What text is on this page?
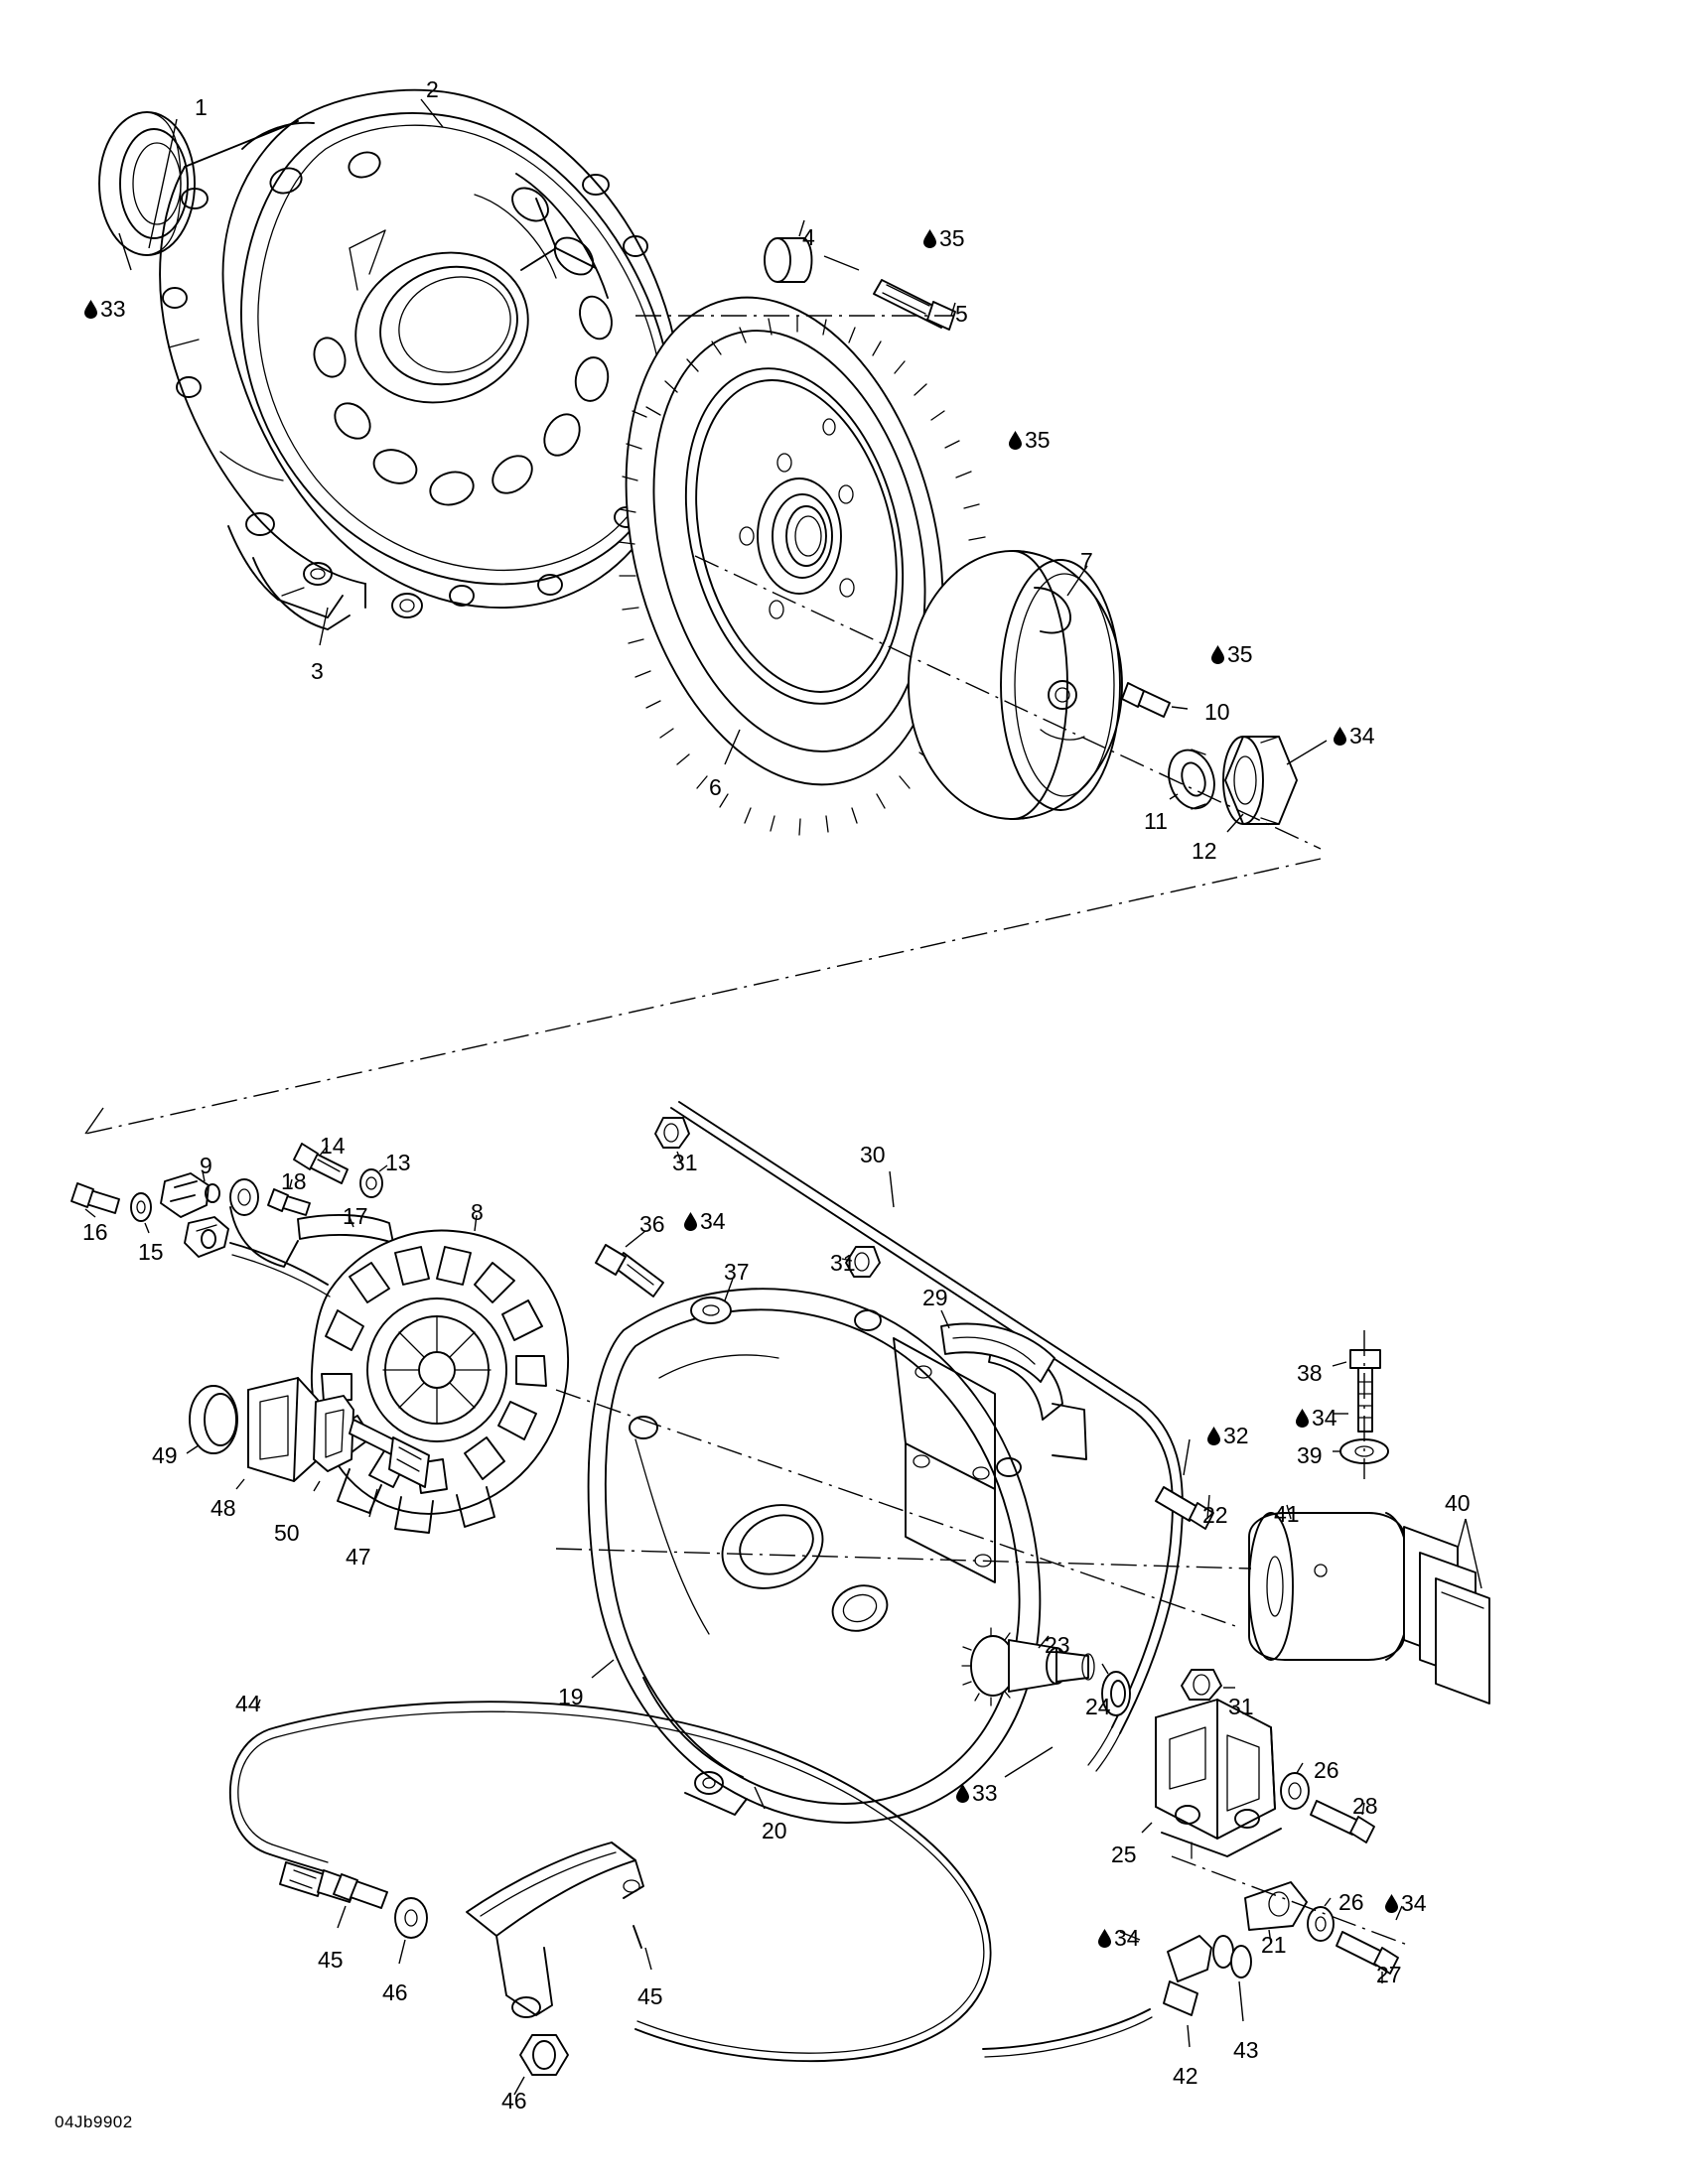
1
2
3
4
5
6
7
8
9
10
11
12
13
14
15
16
17
18
19
20
21
22
23
24
25
26
26
27
28
29
30
31
31
31
32
33
33
34
34
34
34
34
35
35
35
36
37
38
39
40
41
42
43
44
45
45
46
46
47
48
49
50
04Jb9902
